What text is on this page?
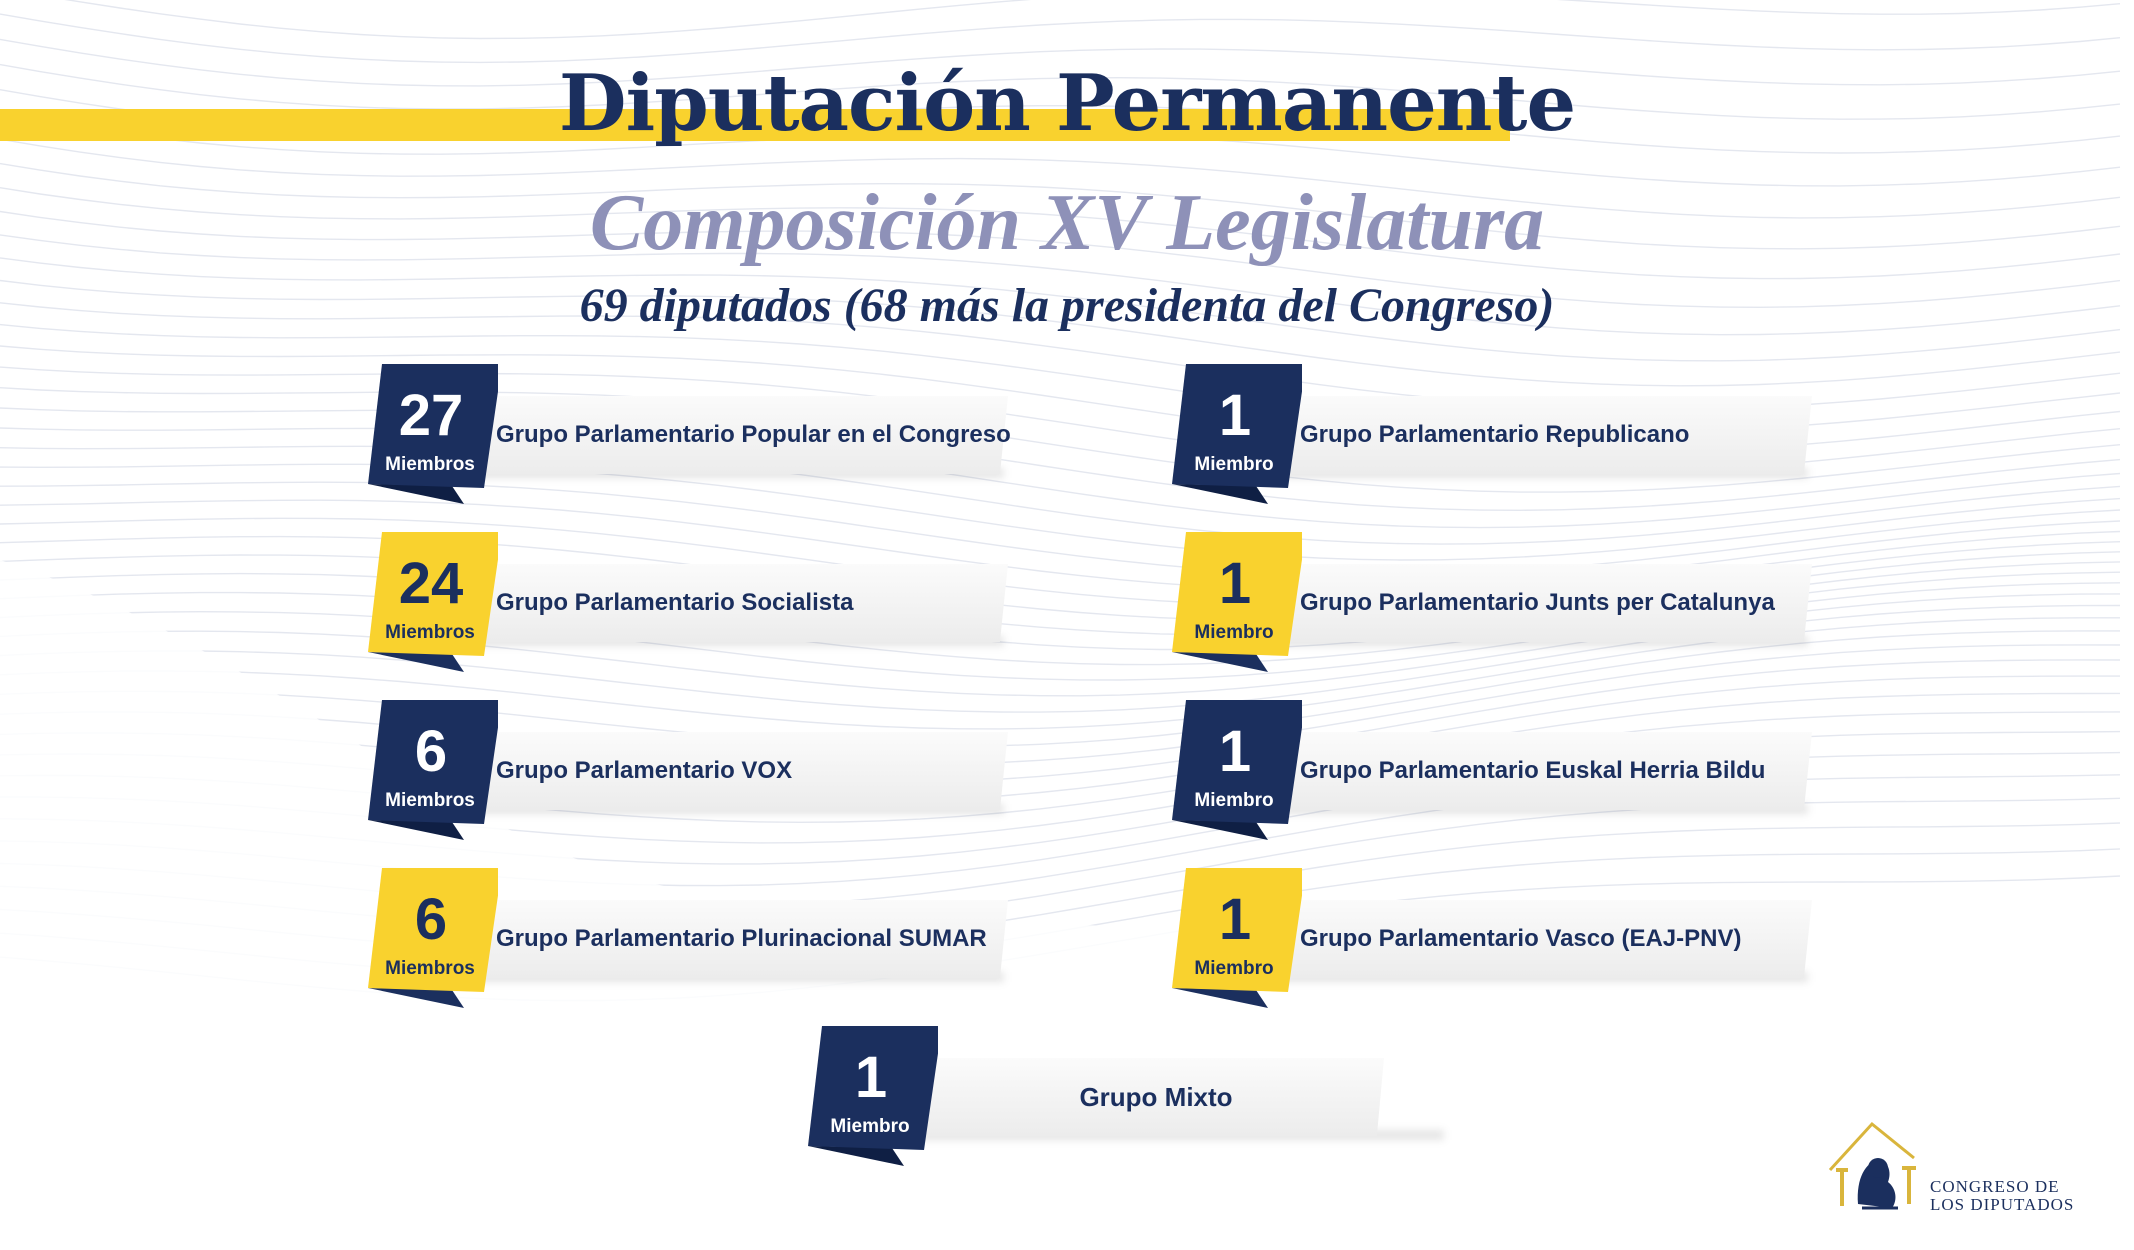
Diputación Permanente
Composición XV Legislatura
69 diputados (68 más la presidenta del Congreso)
Grupo Parlamentario Popular en el Congreso
27
Miembros
Grupo Parlamentario Socialista
24
Miembros
Grupo Parlamentario VOX
6
Miembros
Grupo Parlamentario Plurinacional SUMAR
6
Miembros
Grupo Parlamentario Republicano
1
Miembro
Grupo Parlamentario Junts per Catalunya
1
Miembro
Grupo Parlamentario Euskal Herria Bildu
1
Miembro
Grupo Parlamentario Vasco (EAJ-PNV)
1
Miembro
Grupo Mixto
1
Miembro
CONGRESO DE
LOS DIPUTADOS
